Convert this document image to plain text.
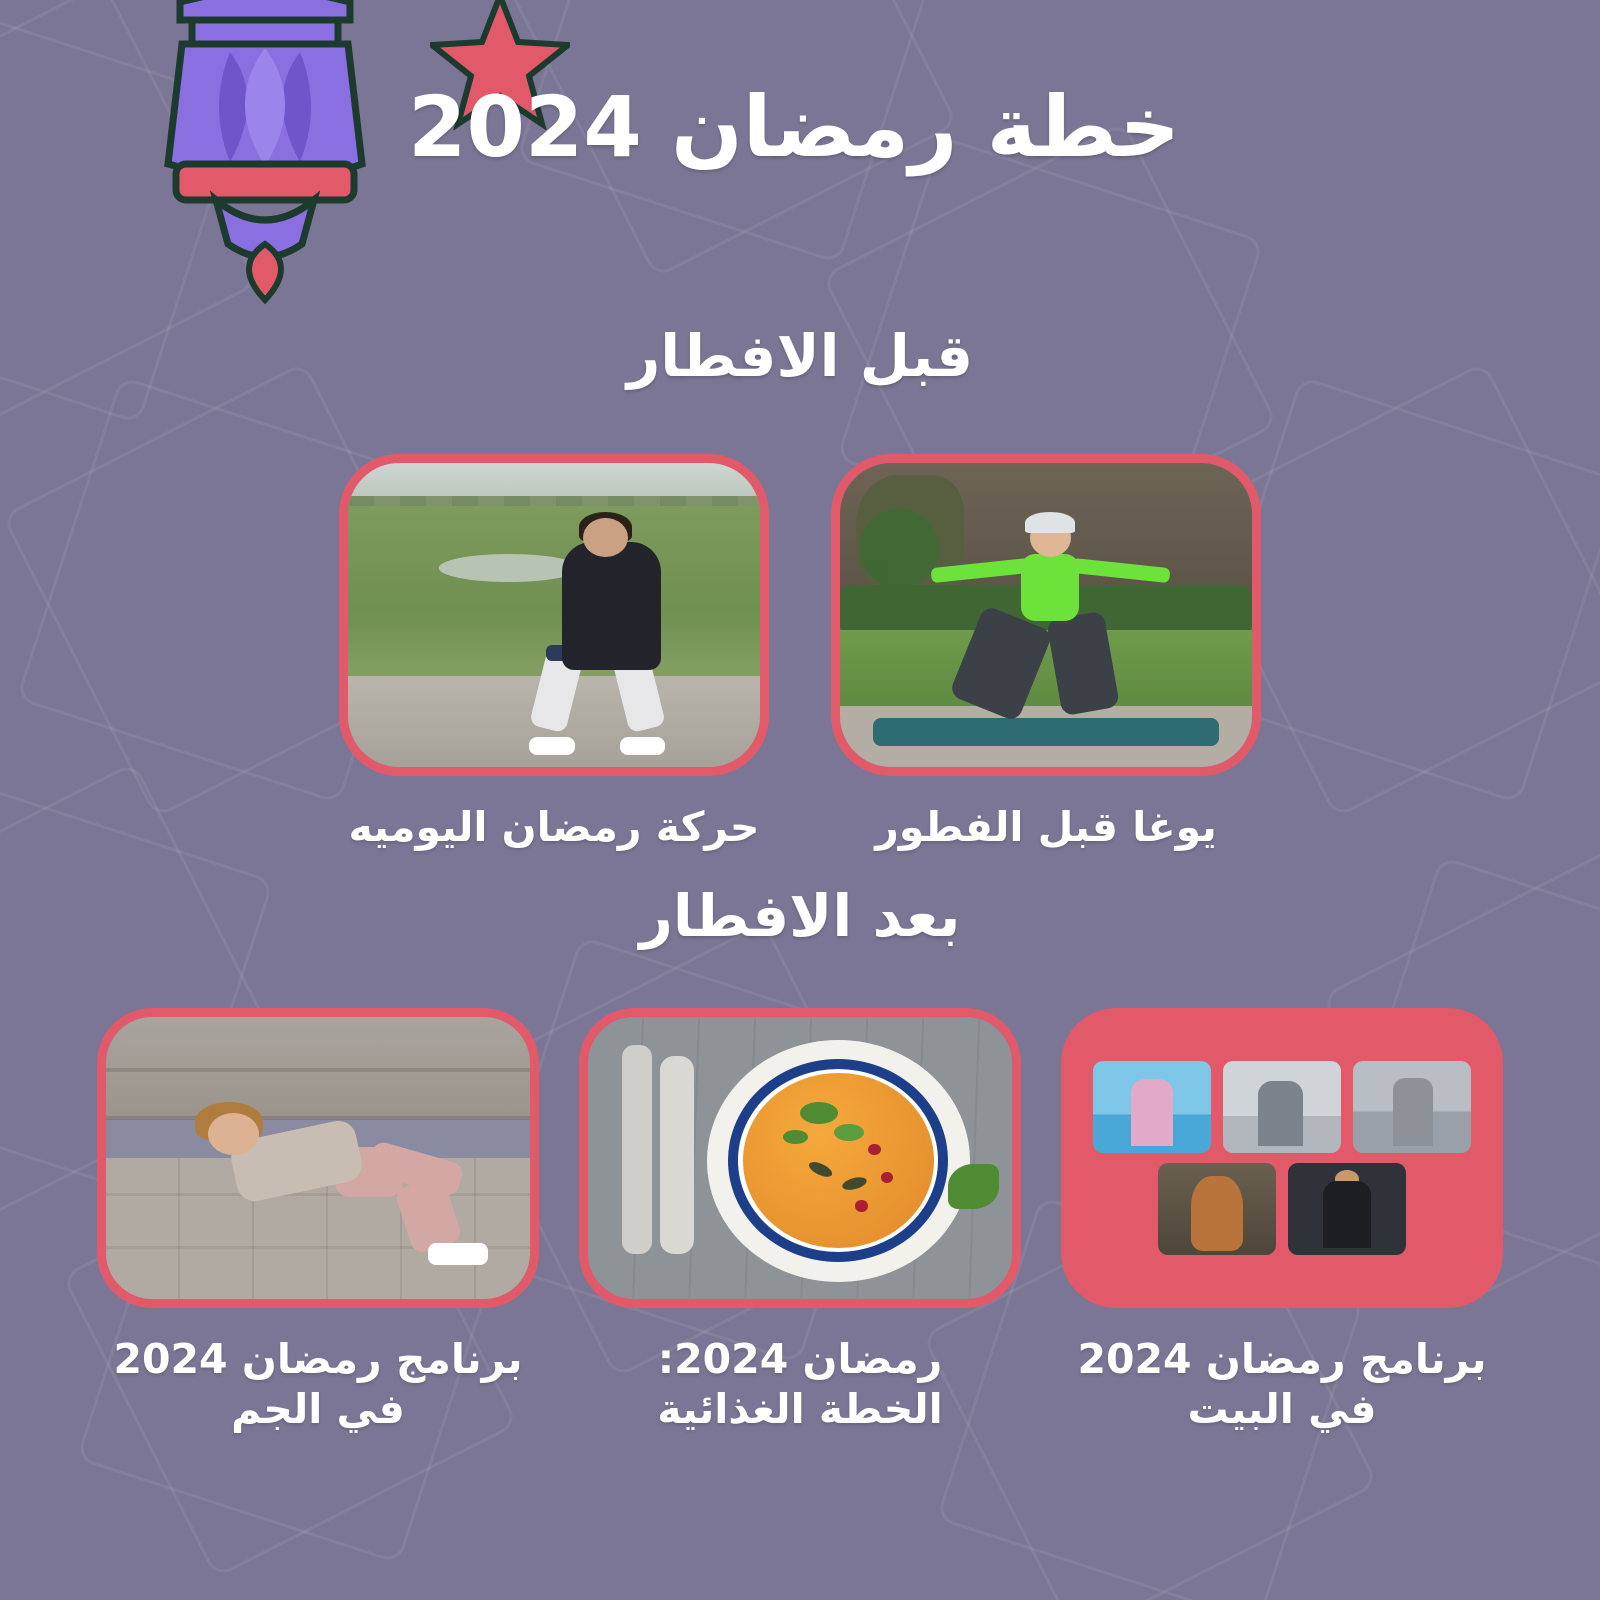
خطة رمضان 2024
قبل الافطار
يوغا قبل الفطور
حركة رمضان اليوميه
بعد الافطار
برنامج رمضان 2024
في البيت
رمضان 2024:
الخطة الغذائية
برنامج رمضان 2024
في الجم
